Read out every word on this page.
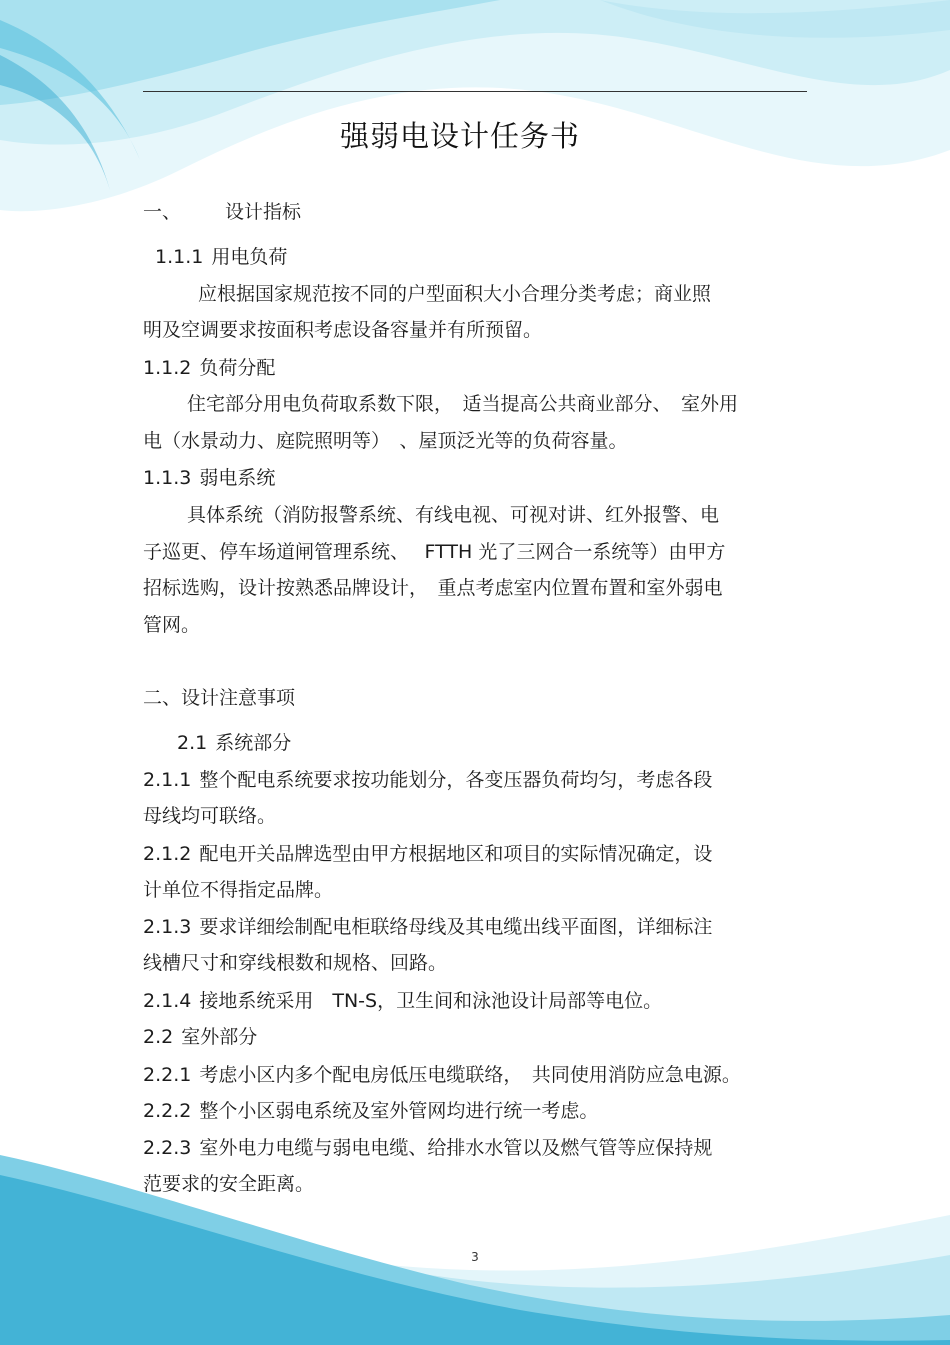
强弱电设计任务书
一、 设计指标
1.1.1 用电负荷
应根据国家规范按不同的户型面积大小合理分类考虑；商业照
明及空调要求按面积考虑设备容量并有所预留。
1.1.2 负荷分配
住宅部分用电负荷取系数下限，　适当提高公共商业部分、　室外用
电（水景动力、庭院照明等）　、屋顶泛光等的负荷容量。
1.1.3 弱电系统
具体系统（消防报警系统、有线电视、可视对讲、红外报警、电
子巡更、停车场道闸管理系统、　 FTTH 光了三网合一系统等）由甲方
招标选购，设计按熟悉品牌设计，　重点考虑室内位置布置和室外弱电
管网。
二、设计注意事项
2.1 系统部分
2.1.1 整个配电系统要求按功能划分，各变压器负荷均匀，考虑各段
母线均可联络。
2.1.2 配电开关品牌选型由甲方根据地区和项目的实际情况确定，设
计单位不得指定品牌。
2.1.3 要求详细绘制配电柜联络母线及其电缆出线平面图，详细标注
线槽尺寸和穿线根数和规格、回路。
2.1.4 接地系统采用　TN-S，卫生间和泳池设计局部等电位。
2.2 室外部分
2.2.1 考虑小区内多个配电房低压电缆联络，　共同使用消防应急电源。
2.2.2 整个小区弱电系统及室外管网均进行统一考虑。
2.2.3 室外电力电缆与弱电电缆、给排水水管以及燃气管等应保持规
范要求的安全距离。
3
